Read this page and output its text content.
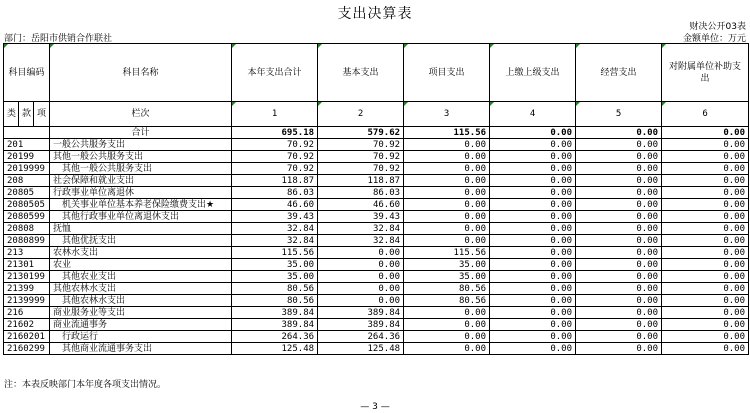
支出决算表
财决公开03表
部门：岳阳市供销合作联社	金额单位：万元
科目编码			科目名称	本年支出合计	基本支出	项目支出	上缴上级支出	经营支出	对附属单位补助支出
类	款	项							
			栏次	1	2	3	4	5	6
			合计	695.18	579.62	115.56	0.00	0.00	0.00
201			一般公共服务支出	70.92	70.92	0.00	0.00	0.00	0.00
20199			其他一般公共服务支出	70.92	70.92	0.00	0.00	0.00	0.00
2019999			其他一般公共服务支出	70.92	70.92	0.00	0.00	0.00	0.00
208			社会保障和就业支出	118.87	118.87	0.00	0.00	0.00	0.00
20805			行政事业单位离退休	86.03	86.03	0.00	0.00	0.00	0.00
2080505			机关事业单位基本养老保险缴费支出★	46.60	46.60	0.00	0.00	0.00	0.00
2080599			其他行政事业单位离退休支出	39.43	39.43	0.00	0.00	0.00	0.00
20808			抚恤	32.84	32.84	0.00	0.00	0.00	0.00
2080899			其他优抚支出	32.84	32.84	0.00	0.00	0.00	0.00
213			农林水支出	115.56	0.00	115.56	0.00	0.00	0.00
21301			农业	35.00	0.00	35.00	0.00	0.00	0.00
2130199			其他农业支出	35.00	0.00	35.00	0.00	0.00	0.00
21399			其他农林水支出	80.56	0.00	80.56	0.00	0.00	0.00
2139999			其他农林水支出	80.56	0.00	80.56	0.00	0.00	0.00
216			商业服务业等支出	389.84	389.84	0.00	0.00	0.00	0.00
21602			商业流通事务	389.84	389.84	0.00	0.00	0.00	0.00
2160201			行政运行	264.36	264.36	0.00	0.00	0.00	0.00
2160299			其他商业流通事务支出	125.48	125.48	0.00	0.00	0.00	0.00
注：本表反映部门本年度各项支出情况。
— 3 —
